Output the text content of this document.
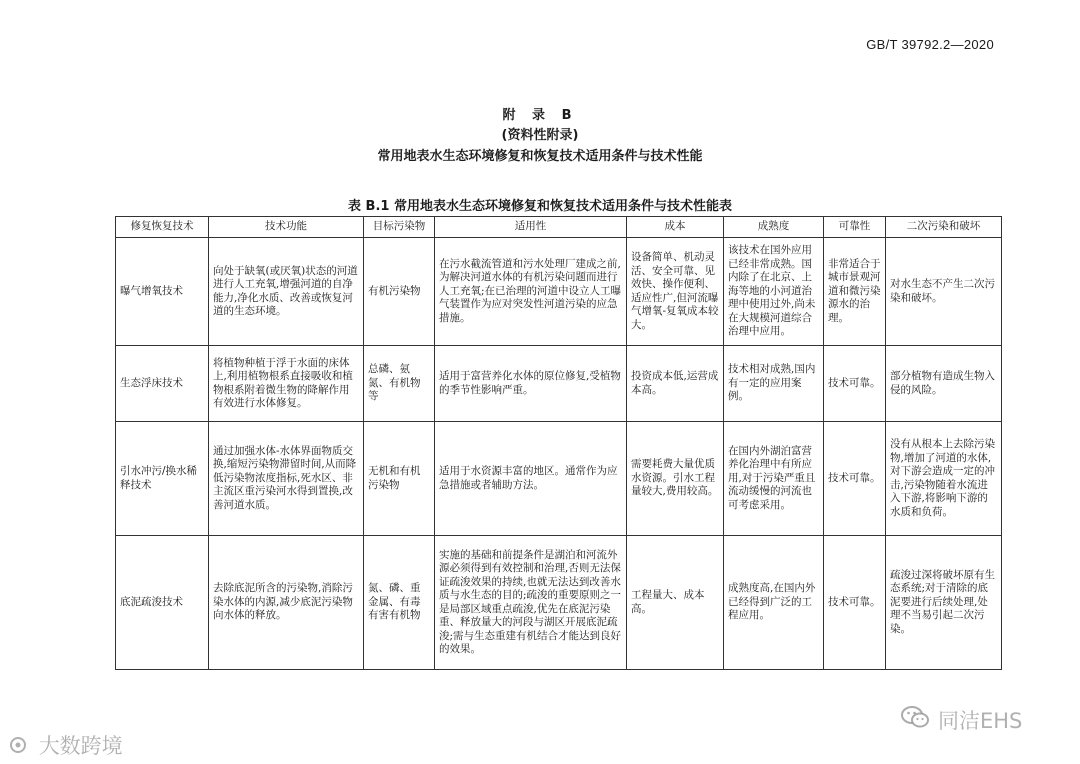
GB/T 39792.2—2020
附 录 B
(资料性附录)
常用地表水生态环境修复和恢复技术适用条件与技术性能
表 B.1 常用地表水生态环境修复和恢复技术适用条件与技术性能表
修复恢复技术	技术功能	目标污染物	适用性	成本	成熟度	可靠性	二次污染和破坏
曝气增氧技术	向处于缺氧(或厌氧)状态的河道进行人工充氧,增强河道的自净能力,净化水质、改善或恢复河道的生态环境。	有机污染物	在污水截流管道和污水处理厂建成之前,为解决河道水体的有机污染问题而进行人工充氧;在已治理的河道中设立人工曝气装置作为应对突发性河道污染的应急措施。	设备简单、机动灵活、安全可靠、见效快、操作便利、适应性广,但河流曝气增氧-复氧成本较大。	该技术在国外应用已经非常成熟。国内除了在北京、上海等地的小河道治理中使用过外,尚未在大规模河道综合治理中应用。	非常适合于城市景观河道和微污染源水的治理。	对水生态不产生二次污染和破坏。
生态浮床技术	将植物种植于浮于水面的床体上,利用植物根系直接吸收和植物根系附着微生物的降解作用有效进行水体修复。	总磷、氨氮、有机物等	适用于富营养化水体的原位修复,受植物的季节性影响严重。	投资成本低,运营成本高。	技术相对成熟,国内有一定的应用案例。	技术可靠。	部分植物有造成生物入侵的风险。
引水冲污/换水稀释技术	通过加强水体-水体界面物质交换,缩短污染物滞留时间,从而降低污染物浓度指标,死水区、非主流区重污染河水得到置换,改善河道水质。	无机和有机污染物	适用于水资源丰富的地区。通常作为应急措施或者辅助方法。	需要耗费大量优质水资源。引水工程量较大,费用较高。	在国内外湖泊富营养化治理中有所应用,对于污染严重且流动缓慢的河流也可考虑采用。	技术可靠。	没有从根本上去除污染物,增加了河道的水体,对下游会造成一定的冲击,污染物随着水流进入下游,将影响下游的水质和负荷。
底泥疏浚技术	去除底泥所含的污染物,消除污染水体的内源,减少底泥污染物向水体的释放。	氮、磷、重金属、有毒有害有机物	实施的基础和前提条件是湖泊和河流外源必须得到有效控制和治理,否则无法保证疏浚效果的持续,也就无法达到改善水质与水生态的目的;疏浚的重要原则之一是局部区域重点疏浚,优先在底泥污染重、释放量大的河段与湖区开展底泥疏浚;需与生态重建有机结合才能达到良好的效果。	工程量大、成本高。	成熟度高,在国内外已经得到广泛的工程应用。	技术可靠。	疏浚过深将破坏原有生态系统;对于清除的底泥要进行后续处理,处理不当易引起二次污染。
大数跨境
同洁EHS
